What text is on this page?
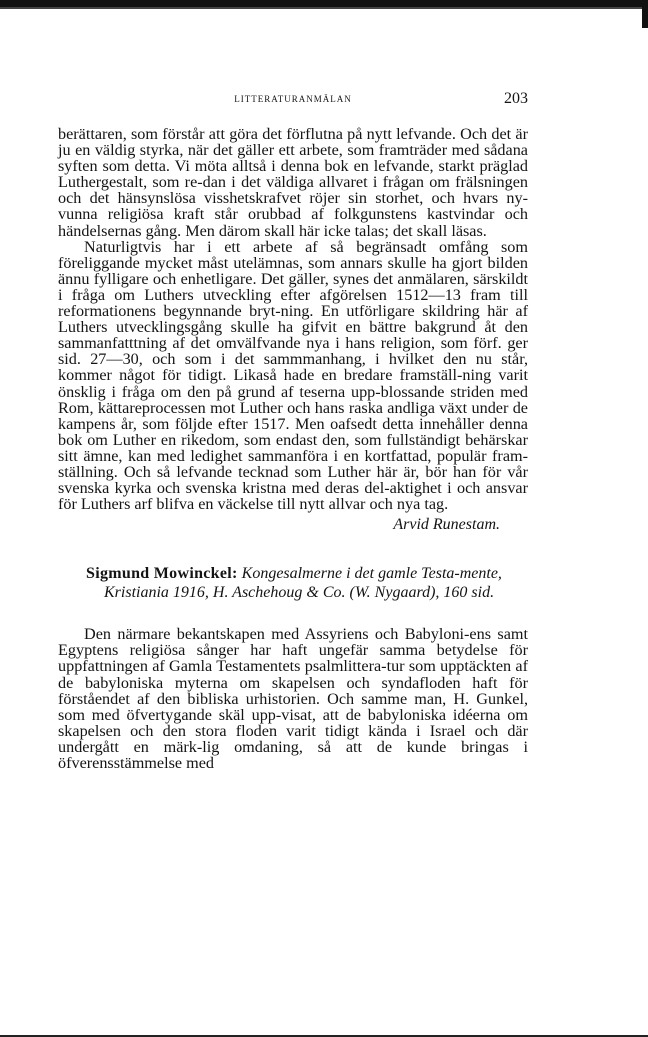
LITTERATURANMÄLAN	203

berättaren, som förstår att göra det förflutna på nytt lefvande. Och det är ju en väldig styrka, när det gäller ett arbete, som framträder med sådana syften som detta. Vi möta alltså i denna bok en lefvande, starkt präglad Luthergestalt, som re-dan i det väldiga allvaret i frågan om frälsningen och det hänsynslösa visshetskrafvet röjer sin storhet, och hvars ny-vunna religiösa kraft står orubbad af folkgunstens kastvindar och händelsernas gång. Men därom skall här icke talas; det skall läsas.

Naturligtvis har i ett arbete af så begränsadt omfång som föreliggande mycket måst utelämnas, som annars skulle ha gjort bilden ännu fylligare och enhetligare. Det gäller, synes det anmälaren, särskildt i fråga om Luthers utveckling efter afgörelsen 1512—13 fram till reformationens begynnande bryt-ning. En utförligare skildring här af Luthers utvecklingsgång skulle ha gifvit en bättre bakgrund åt den sammanfatttning af det omvälfvande nya i hans religion, som förf. ger sid. 27—30, och som i det sammmanhang, i hvilket den nu står, kommer något för tidigt. Likaså hade en bredare framställ-ning varit önsklig i fråga om den på grund af teserna upp-blossande striden med Rom, kättareprocessen mot Luther och hans raska andliga växt under de kampens år, som följde efter 1517. Men oafsedt detta innehåller denna bok om Luther en rikedom, som endast den, som fullständigt behärskar sitt ämne, kan med ledighet sammanföra i en kortfattad, populär fram-ställning. Och så lefvande tecknad som Luther här är, bör han för vår svenska kyrka och svenska kristna med deras del-aktighet i och ansvar för Luthers arf blifva en väckelse till nytt allvar och nya tag.

Arvid Runestam.
Sigmund Mowinckel: Kongesalmerne i det gamle Testa-mente, Kristiania 1916, H. Aschehoug & Co. (W. Nygaard), 160 sid.

Den närmare bekantskapen med Assyriens och Babyloni-ens samt Egyptens religiösa sånger har haft ungefär samma betydelse för uppfattningen af Gamla Testamentets psalmlittera-tur som upptäckten af de babyloniska myterna om skapelsen och syndafloden haft för förståendet af den bibliska urhistorien. Och samme man, H. Gunkel, som med öfvertygande skäl upp-visat, att de babyloniska idéerna om skapelsen och den stora floden varit tidigt kända i Israel och där undergått en märk-lig omdaning, så att de kunde bringas i öfverensstämmelse med
